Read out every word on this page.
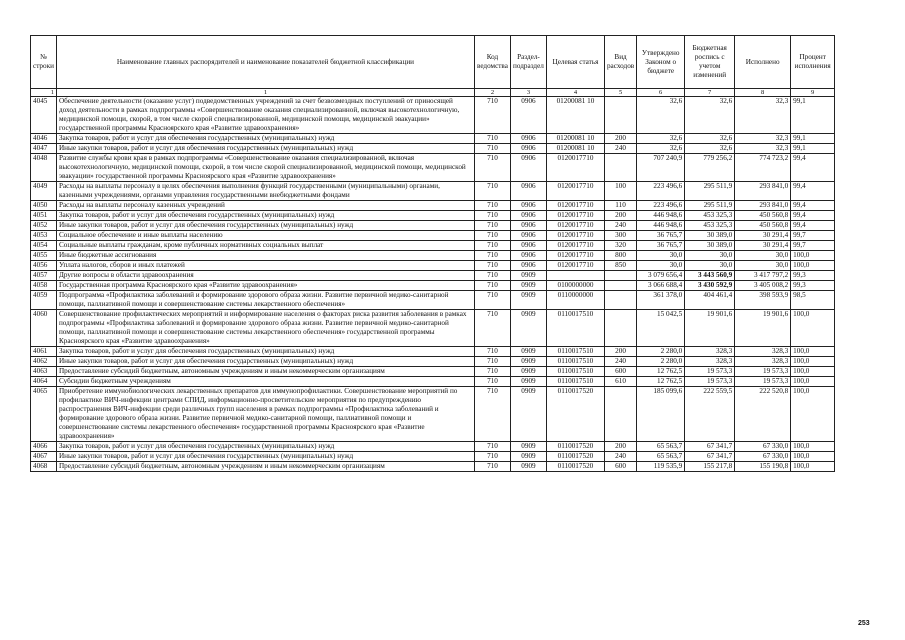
№ строки	Наименование главных распорядителей и наименование показателей бюджетной классификации	Код ведомства	Раздел-подраздел	Целевая статья	Вид расходов	Утверждено Законом о бюджете	Бюджетная роспись с учетом изменений	Исполнено	Процент исполнения
1	1	2	3	4	5	6	7	8	9
4045	Обеспечение деятельности (оказание услуг) подведомственных учреждений за счет безвозмездных поступлений от приносящей доход деятельности в рамках подпрограммы «Совершенствование оказания специализированной, включая высокотехнологичную, медицинской помощи, скорой, в том числе скорой специализированной, медицинской помощи, медицинской эвакуации» государственной программы Красноярского края «Развитие здравоохранения»	710	0906	01200081 10		32,6	32,6	32,3	99,1
4046	Закупка товаров, работ и услуг для обеспечения государственных (муниципальных) нужд	710	0906	01200081 10	200	32,6	32,6	32,3	99,1
4047	Иные закупки товаров, работ и услуг для обеспечения государственных (муниципальных) нужд	710	0906	01200081 10	240	32,6	32,6	32,3	99,1
4048	Развитие службы крови края в рамках подпрограммы «Совершенствование оказания специализированной, включая высокотехнологичную, медицинской помощи, скорой, в том числе скорой специализированной, медицинской помощи, медицинской эвакуации» государственной программы Красноярского края «Развитие здравоохранения»	710	0906	0120017710		707 240,9	779 256,2	774 723,2	99,4
4049	Расходы на выплаты персоналу в целях обеспечения выполнения функций государственными (муниципальными) органами, казенными учреждениями, органами управления государственными внебюджетными фондами	710	0906	0120017710	100	223 496,6	295 511,9	293 841,0	99,4
4050	Расходы на выплаты персоналу казенных учреждений	710	0906	0120017710	110	223 496,6	295 511,9	293 841,0	99,4
4051	Закупка товаров, работ и услуг для обеспечения государственных (муниципальных) нужд	710	0906	0120017710	200	446 948,6	453 325,3	450 560,8	99,4
4052	Иные закупки товаров, работ и услуг для обеспечения государственных (муниципальных) нужд	710	0906	0120017710	240	446 948,6	453 325,3	450 560,8	99,4
4053	Социальное обеспечение и иные выплаты населению	710	0906	0120017710	300	36 765,7	30 389,0	30 291,4	99,7
4054	Социальные выплаты гражданам, кроме публичных нормативных социальных выплат	710	0906	0120017710	320	36 765,7	30 389,0	30 291,4	99,7
4055	Иные бюджетные ассигнования	710	0906	0120017710	800	30,0	30,0	30,0	100,0
4056	Уплата налогов, сборов и иных платежей	710	0906	0120017710	850	30,0	30,0	30,0	100,0
4057	Другие вопросы в области здравоохранения	710	0909			3 079 656,4	3 443 560,9	3 417 797,2	99,3
4058	Государственная программа Красноярского края «Развитие здравоохранения»	710	0909	0100000000		3 066 688,4	3 430 592,9	3 405 008,2	99,3
4059	Подпрограмма «Профилактика заболеваний и формирование здорового образа жизни. Развитие первичной медико-санитарной помощи, паллиативной помощи и совершенствование системы лекарственного обеспечения»	710	0909	0110000000		361 378,0	404 461,4	398 593,9	98,5
4060	Совершенствование профилактических мероприятий и информирование населения о факторах риска развития заболевания в рамках подпрограммы «Профилактика заболеваний и формирование здорового образа жизни. Развитие первичной медико-санитарной помощи, паллиативной помощи и совершенствование системы лекарственного обеспечения» государственной программы Красноярского края «Развитие здравоохранения»	710	0909	0110017510		15 042,5	19 901,6	19 901,6	100,0
4061	Закупка товаров, работ и услуг для обеспечения государственных (муниципальных) нужд	710	0909	0110017510	200	2 280,0	328,3	328,3	100,0
4062	Иные закупки товаров, работ и услуг для обеспечения государственных (муниципальных) нужд	710	0909	0110017510	240	2 280,0	328,3	328,3	100,0
4063	Предоставление субсидий бюджетным, автономным учреждениям и иным некоммерческим организациям	710	0909	0110017510	600	12 762,5	19 573,3	19 573,3	100,0
4064	Субсидии бюджетным учреждениям	710	0909	0110017510	610	12 762,5	19 573,3	19 573,3	100,0
4065	Приобретение иммунобиологических лекарственных препаратов для иммунопрофилактики. Совершенствование мероприятий по профилактике ВИЧ-инфекции центрами СПИД, информационно-просветительские мероприятия по предупреждению распространения ВИЧ-инфекции среди различных групп населения в рамках подпрограммы «Профилактика заболеваний и формирование здорового образа жизни. Развитие первичной медико-санитарной помощи, паллиативной помощи и совершенствование системы лекарственного обеспечения» государственной программы Красноярского края «Развитие здравоохранения»	710	0909	0110017520		185 099,6	222 559,5	222 520,8	100,0
4066	Закупка товаров, работ и услуг для обеспечения государственных (муниципальных) нужд	710	0909	0110017520	200	65 563,7	67 341,7	67 330,0	100,0
4067	Иные закупки товаров, работ и услуг для обеспечения государственных (муниципальных) нужд	710	0909	0110017520	240	65 563,7	67 341,7	67 330,0	100,0
4068	Предоставление субсидий бюджетным, автономным учреждениям и иным некоммерческим организациям	710	0909	0110017520	600	119 535,9	155 217,8	155 190,8	100,0
253
